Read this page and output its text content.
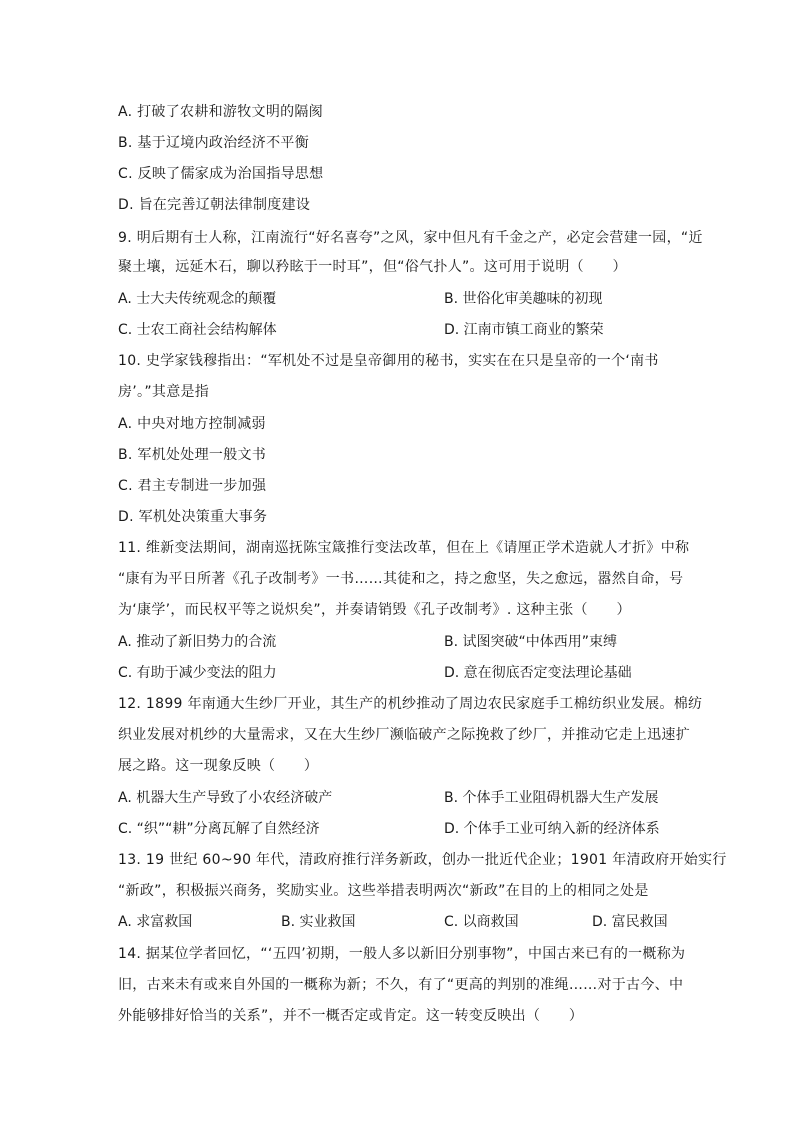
A. 打破了农耕和游牧文明的隔阂
B. 基于辽境内政治经济不平衡
C. 反映了儒家成为治国指导思想
D. 旨在完善辽朝法律制度建设
9. 明后期有士人称，江南流行“好名喜夸”之风，家中但凡有千金之产，必定会营建一园，“近
聚土壤，远延木石，聊以矜眩于一时耳”，但“俗气扑人”。这可用于说明（　　）
A. 士大夫传统观念的颠覆	B. 世俗化审美趣味的初现
C. 士农工商社会结构解体	D. 江南市镇工商业的繁荣
10. 史学家钱穆指出：“军机处不过是皇帝御用的秘书，实实在在只是皇帝的一个‘南书
房’。”其意是指
A. 中央对地方控制减弱
B. 军机处处理一般文书
C. 君主专制进一步加强
D. 军机处决策重大事务
11. 维新变法期间，湖南巡抚陈宝箴推行变法改革，但在上《请厘正学术造就人才折》中称
“康有为平日所著《孔子改制考》一书……其徒和之，持之愈坚，失之愈远，嚣然自命，号
为‘康学’，而民权平等之说炽矣”，并奏请销毁《孔子改制考》. 这种主张（　　）
A. 推动了新旧势力的合流	B. 试图突破“中体西用”束缚
C. 有助于减少变法的阻力	D. 意在彻底否定变法理论基础
12. 1899 年南通大生纱厂开业，其生产的机纱推动了周边农民家庭手工棉纺织业发展。棉纺
织业发展对机纱的大量需求，又在大生纱厂濒临破产之际挽救了纱厂，并推动它走上迅速扩
展之路。这一现象反映（　　）
A. 机器大生产导致了小农经济破产	B. 个体手工业阻碍机器大生产发展
C. “织”“耕”分离瓦解了自然经济	D. 个体手工业可纳入新的经济体系
13. 19 世纪 60~90 年代，清政府推行洋务新政，创办一批近代企业；1901 年清政府开始实行
“新政”，积极振兴商务，奖励实业。这些举措表明两次“新政”在目的上的相同之处是
A. 求富救国	B. 实业救国	C. 以商救国	D. 富民救国
14. 据某位学者回忆，“‘五四’初期，一般人多以新旧分别事物”，中国古来已有的一概称为
旧，古来未有或来自外国的一概称为新；不久，有了“更高的判别的准绳……对于古今、中
外能够排好恰当的关系”，并不一概否定或肯定。这一转变反映出（　　）
